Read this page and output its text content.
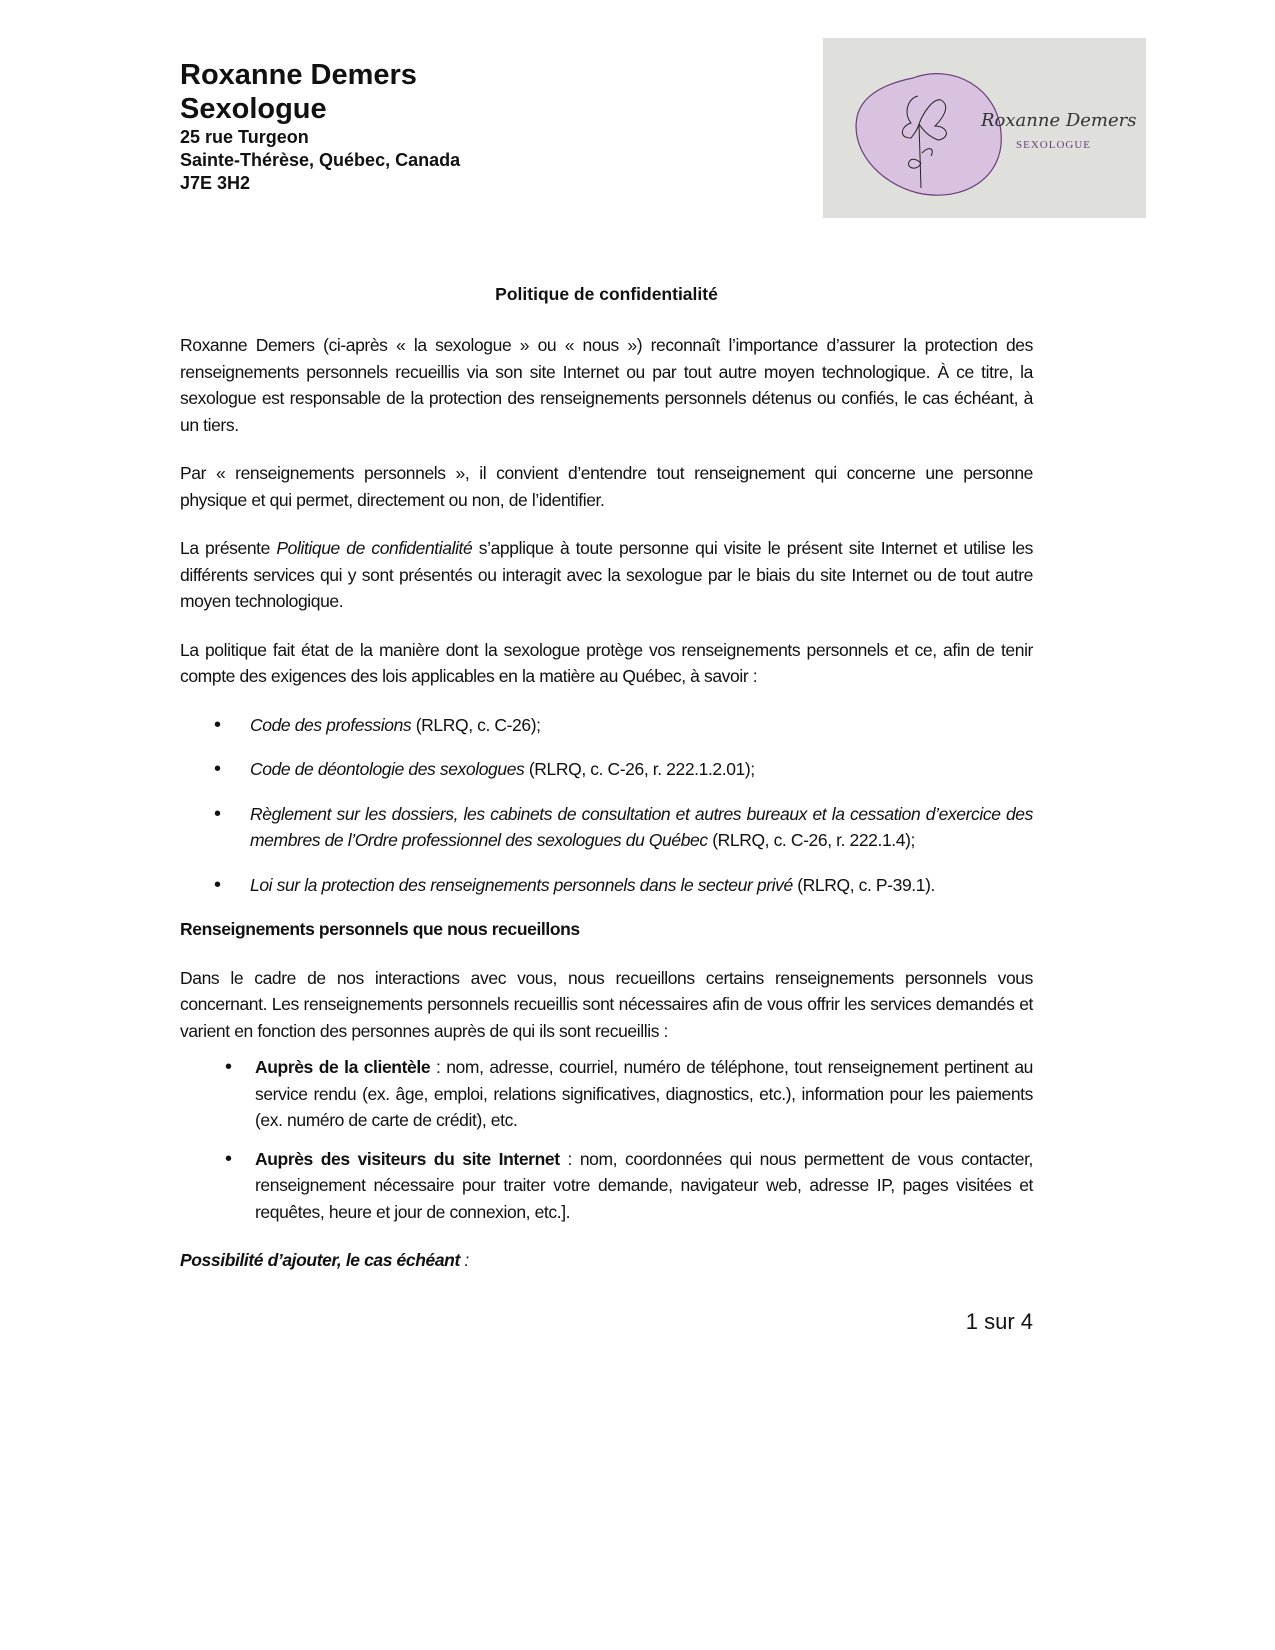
Roxanne Demers
Sexologue
25 rue Turgeon
Sainte-Thérèse, Québec, Canada
J7E 3H2
Roxanne Demers
SEXOLOGUE
Politique de confidentialité

Roxanne Demers (ci-après « la sexologue » ou « nous ») reconnaît l’importance d’assurer la protection des renseignements personnels recueillis via son site Internet ou par tout autre moyen technologique. À ce titre, la sexologue est responsable de la protection des renseignements personnels détenus ou confiés, le cas échéant, à un tiers.

Par « renseignements personnels », il convient d’entendre tout renseignement qui concerne une personne physique et qui permet, directement ou non, de l’identifier.

La présente Politique de confidentialité s’applique à toute personne qui visite le présent site Internet et utilise les différents services qui y sont présentés ou interagit avec la sexologue par le biais du site Internet ou de tout autre moyen technologique.

La politique fait état de la manière dont la sexologue protège vos renseignements personnels et ce, afin de tenir compte des exigences des lois applicables en la matière au Québec, à savoir :

• Code des professions (RLRQ, c. C-26);
• Code de déontologie des sexologues (RLRQ, c. C-26, r. 222.1.2.01);
• Règlement sur les dossiers, les cabinets de consultation et autres bureaux et la cessation d’exercice des membres de l’Ordre professionnel des sexologues du Québec (RLRQ, c. C-26, r. 222.1.4);
• Loi sur la protection des renseignements personnels dans le secteur privé (RLRQ, c. P-39.1).
Renseignements personnels que nous recueillons

Dans le cadre de nos interactions avec vous, nous recueillons certains renseignements personnels vous concernant. Les renseignements personnels recueillis sont nécessaires afin de vous offrir les services demandés et varient en fonction des personnes auprès de qui ils sont recueillis :

• Auprès de la clientèle : nom, adresse, courriel, numéro de téléphone, tout renseignement pertinent au service rendu (ex. âge, emploi, relations significatives, diagnostics, etc.), information pour les paiements (ex. numéro de carte de crédit), etc.
• Auprès des visiteurs du site Internet : nom, coordonnées qui nous permettent de vous contacter, renseignement nécessaire pour traiter votre demande, navigateur web, adresse IP, pages visitées et requêtes, heure et jour de connexion, etc.].
Possibilité d’ajouter, le cas échéant :
1 sur 4
